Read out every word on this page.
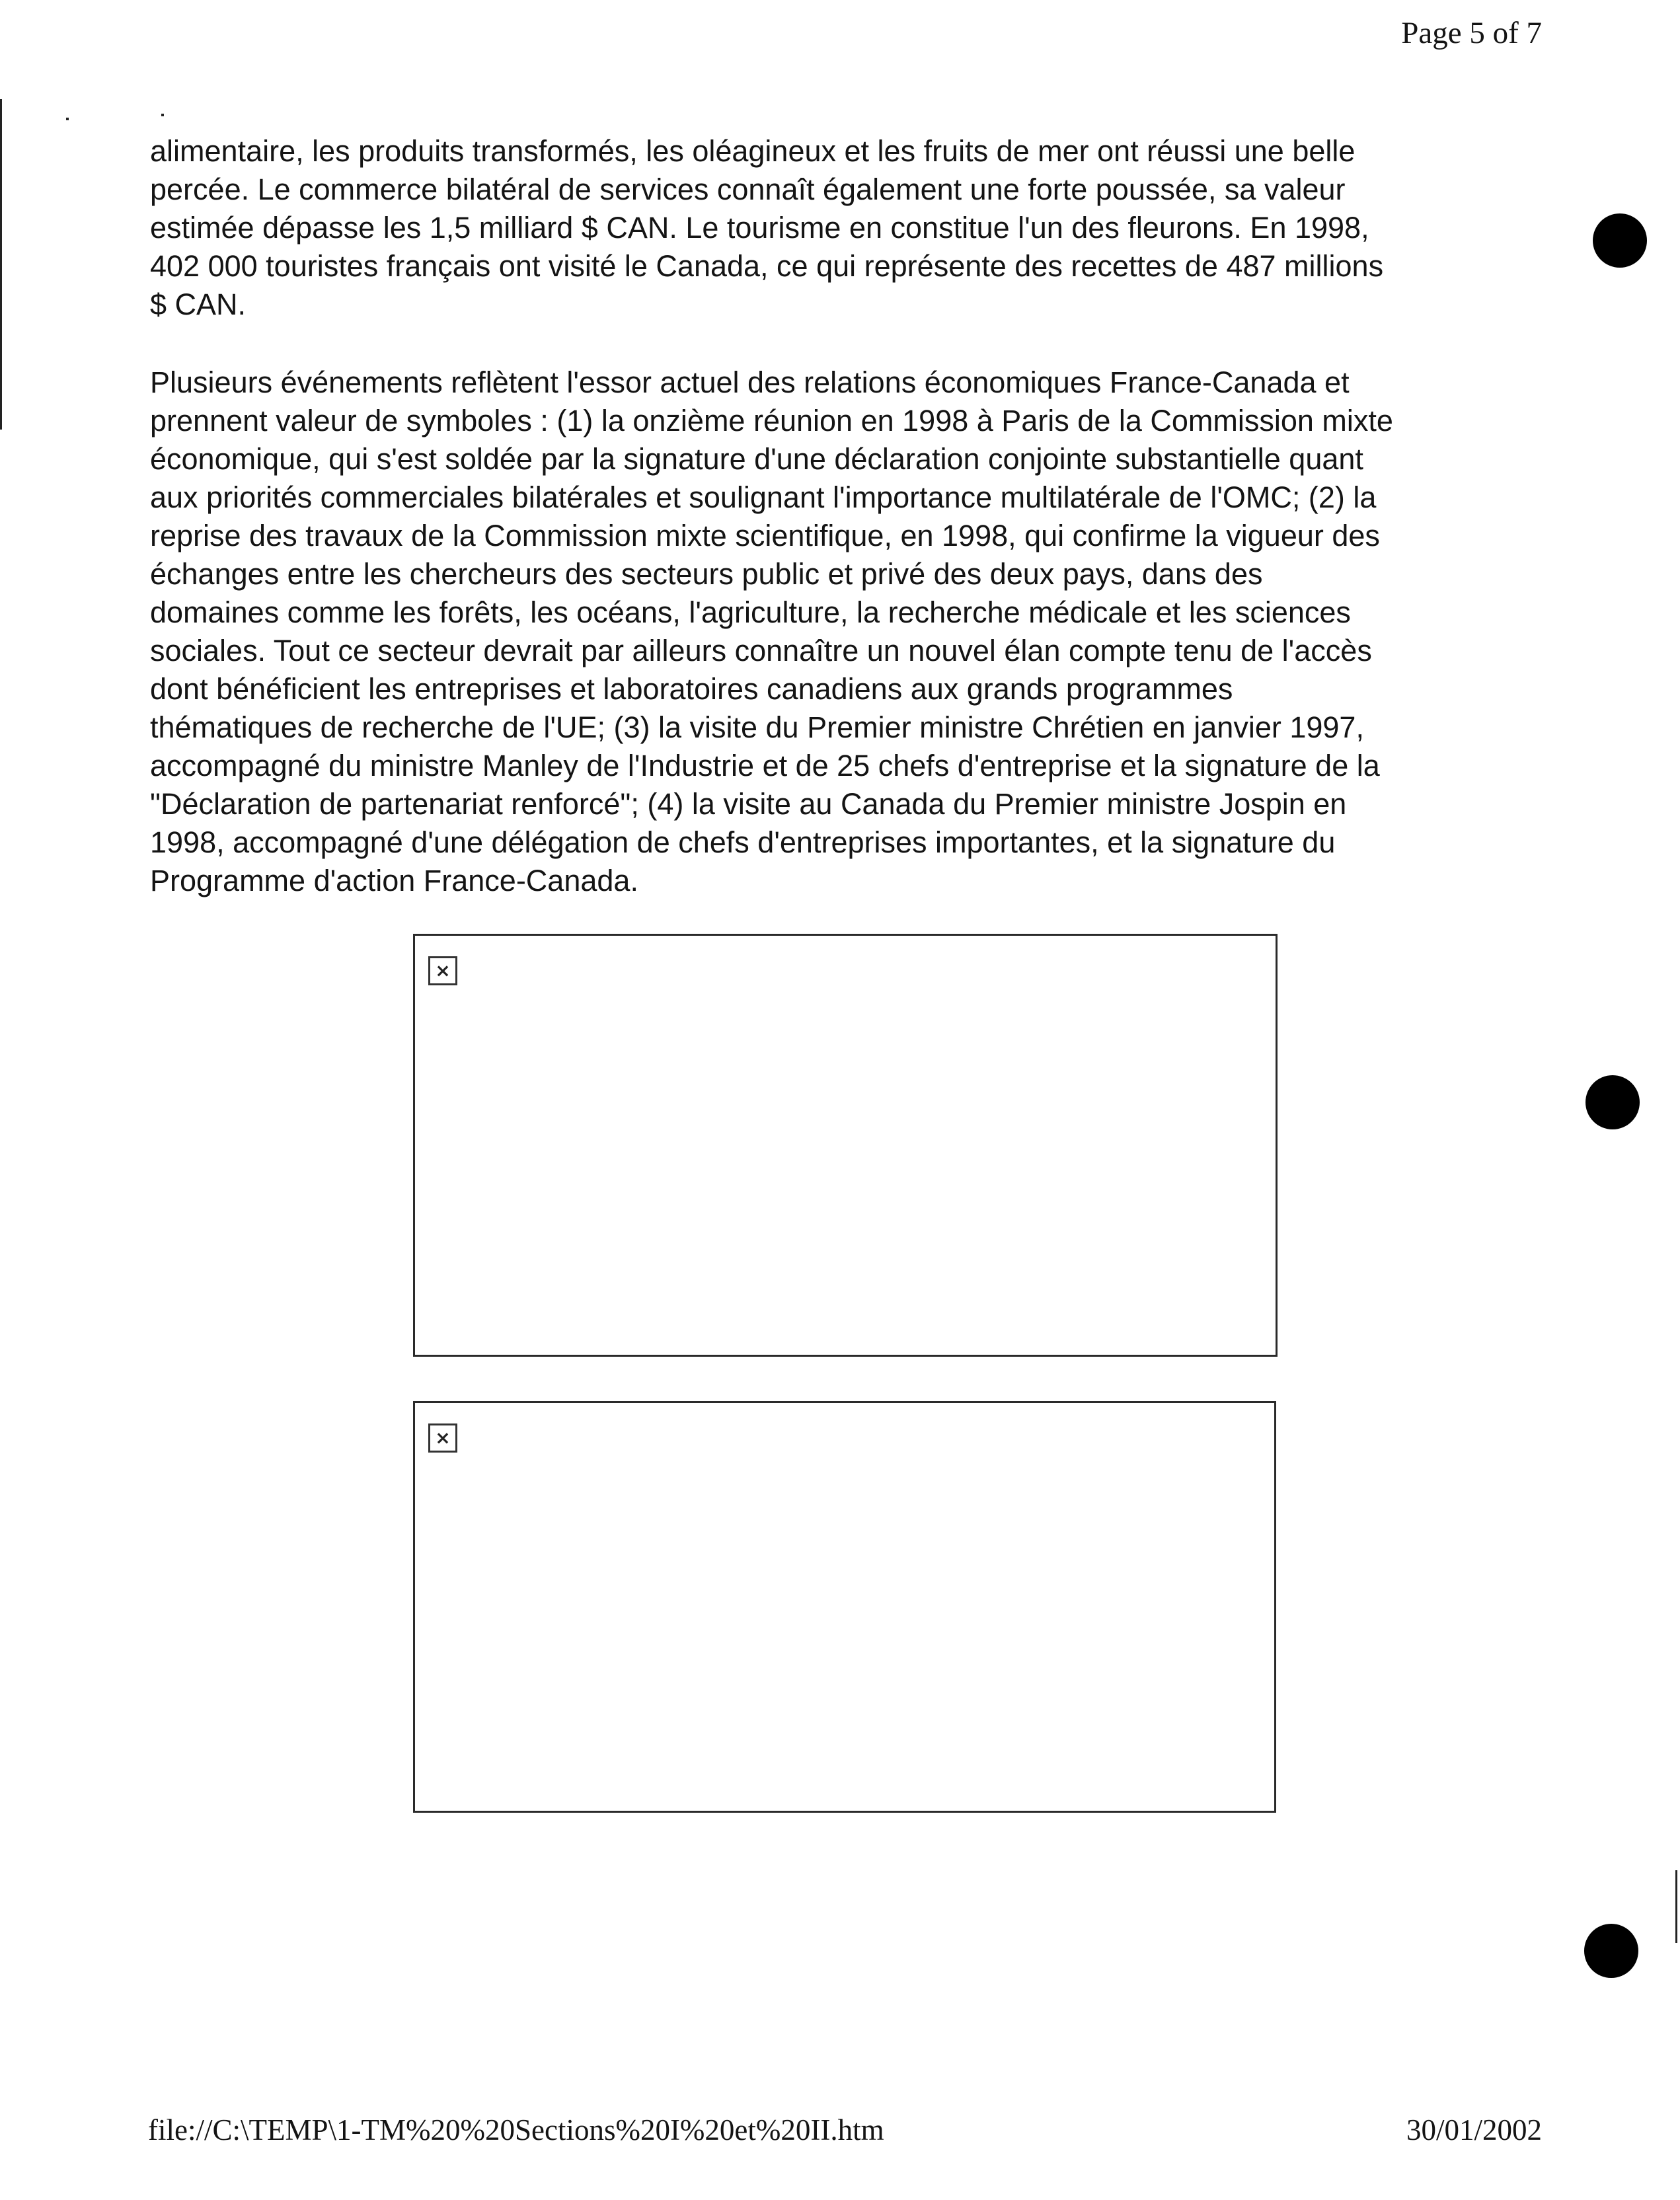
Page 5 of 7

alimentaire, les produits transformés, les oléagineux et les fruits de mer ont réussi une belle
percée. Le commerce bilatéral de services connaît également une forte poussée, sa valeur
estimée dépasse les 1,5 milliard $ CAN. Le tourisme en constitue l'un des fleurons. En 1998,
402 000 touristes français ont visité le Canada, ce qui représente des recettes de 487 millions
$ CAN.

Plusieurs événements reflètent l'essor actuel des relations économiques France-Canada et
prennent valeur de symboles : (1) la onzième réunion en 1998 à Paris de la Commission mixte
économique, qui s'est soldée par la signature d'une déclaration conjointe substantielle quant
aux priorités commerciales bilatérales et soulignant l'importance multilatérale de l'OMC; (2) la
reprise des travaux de la Commission mixte scientifique, en 1998, qui confirme la vigueur des
échanges entre les chercheurs des secteurs public et privé des deux pays, dans des
domaines comme les forêts, les océans, l'agriculture, la recherche médicale et les sciences
sociales. Tout ce secteur devrait par ailleurs connaître un nouvel élan compte tenu de l'accès
dont bénéficient les entreprises et laboratoires canadiens aux grands programmes
thématiques de recherche de l'UE; (3) la visite du Premier ministre Chrétien en janvier 1997,
accompagné du ministre Manley de l'Industrie et de 25 chefs d'entreprise et la signature de la
"Déclaration de partenariat renforcé"; (4) la visite au Canada du Premier ministre Jospin en
1998, accompagné d'une délégation de chefs d'entreprises importantes, et la signature du
Programme d'action France-Canada.

×
×
file://C:\TEMP\1-TM%20%20Sections%20I%20et%20II.htm	30/01/2002
